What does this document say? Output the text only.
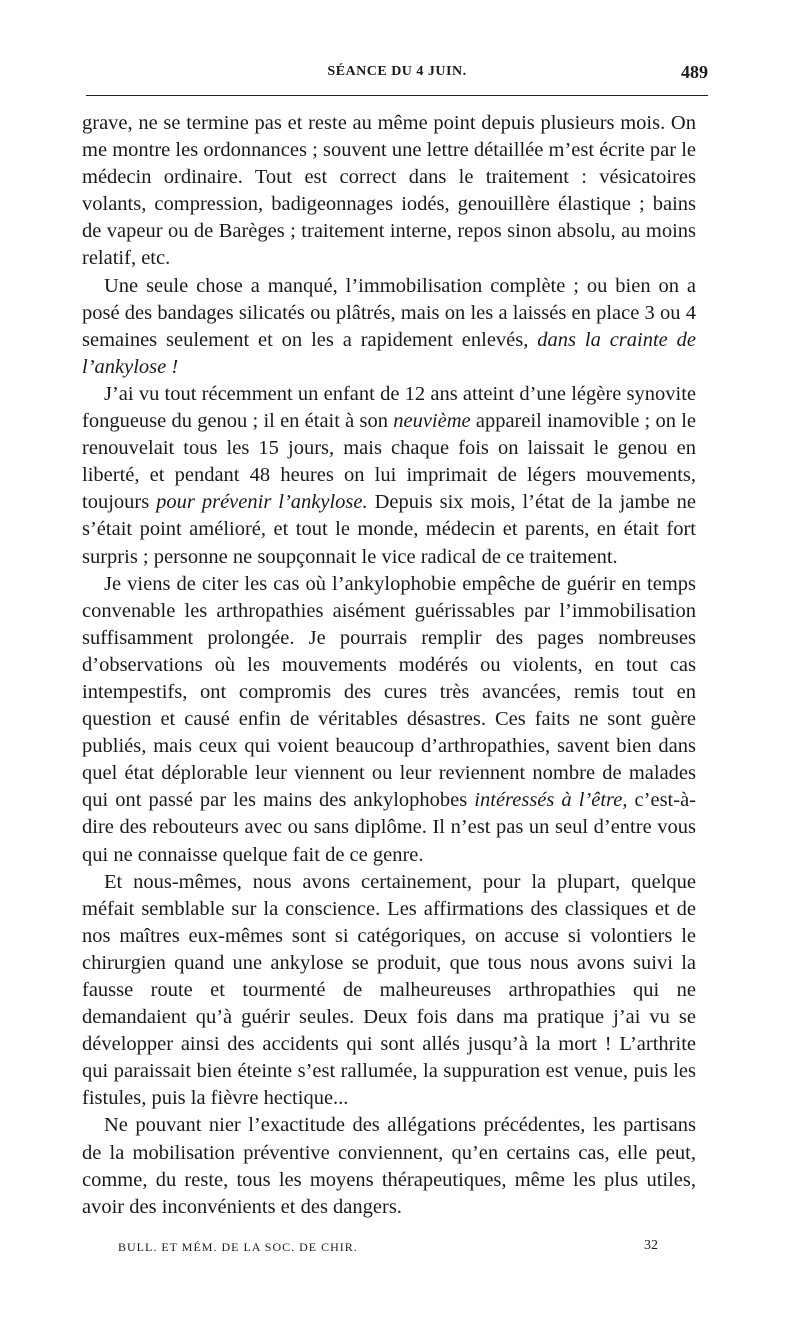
SÉANCE DU 4 JUIN.	489

grave, ne se termine pas et reste au même point depuis plusieurs mois. On me montre les ordonnances ; souvent une lettre détaillée m’est écrite par le médecin ordinaire. Tout est correct dans le traitement : vésicatoires volants, compression, badigeonnages iodés, genouillère élastique ; bains de vapeur ou de Barèges ; traitement interne, repos sinon absolu, au moins relatif, etc.

Une seule chose a manqué, l’immobilisation complète ; ou bien on a posé des bandages silicatés ou plâtrés, mais on les a laissés en place 3 ou 4 semaines seulement et on les a rapidement enlevés, dans la crainte de l’ankylose !

J’ai vu tout récemment un enfant de 12 ans atteint d’une légère synovite fongueuse du genou ; il en était à son neuvième appareil inamovible ; on le renouvelait tous les 15 jours, mais chaque fois on laissait le genou en liberté, et pendant 48 heures on lui imprimait de légers mouvements, toujours pour prévenir l’ankylose. Depuis six mois, l’état de la jambe ne s’était point amélioré, et tout le monde, médecin et parents, en était fort surpris ; personne ne soupçonnait le vice radical de ce traitement.

Je viens de citer les cas où l’ankylophobie empêche de guérir en temps convenable les arthropathies aisément guérissables par l’immobilisation suffisamment prolongée. Je pourrais remplir des pages nombreuses d’observations où les mouvements modérés ou violents, en tout cas intempestifs, ont compromis des cures très avancées, remis tout en question et causé enfin de véritables désastres. Ces faits ne sont guère publiés, mais ceux qui voient beaucoup d’arthropathies, savent bien dans quel état déplorable leur viennent ou leur reviennent nombre de malades qui ont passé par les mains des ankylophobes intéressés à l’être, c’est-à-dire des rebouteurs avec ou sans diplôme. Il n’est pas un seul d’entre vous qui ne connaisse quelque fait de ce genre.

Et nous-mêmes, nous avons certainement, pour la plupart, quelque méfait semblable sur la conscience. Les affirmations des classiques et de nos maîtres eux-mêmes sont si catégoriques, on accuse si volontiers le chirurgien quand une ankylose se produit, que tous nous avons suivi la fausse route et tourmenté de malheureuses arthropathies qui ne demandaient qu’à guérir seules. Deux fois dans ma pratique j’ai vu se développer ainsi des accidents qui sont allés jusqu’à la mort ! L’arthrite qui paraissait bien éteinte s’est rallumée, la suppuration est venue, puis les fistules, puis la fièvre hectique...

Ne pouvant nier l’exactitude des allégations précédentes, les partisans de la mobilisation préventive conviennent, qu’en certains cas, elle peut, comme, du reste, tous les moyens thérapeutiques, même les plus utiles, avoir des inconvénients et des dangers.

BULL. ET MÉM. DE LA SOC. DE CHIR.	32
